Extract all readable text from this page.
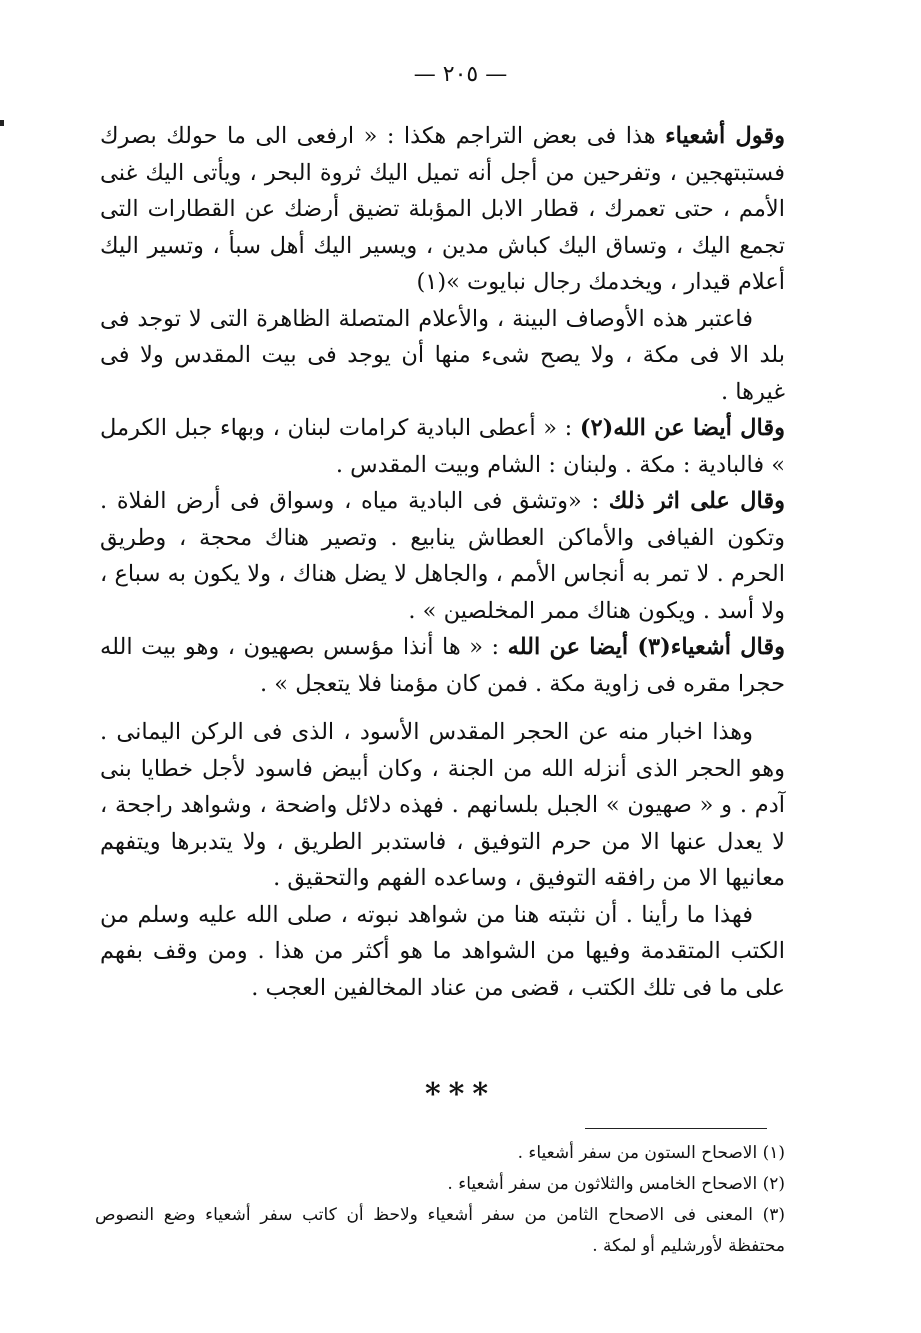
— ٢٠٥ —

وقول أشعياء هذا فى بعض التراجم هكذا : « ارفعى الى ما حولك بصرك فستبتهجين ، وتفرحين من أجل أنه تميل اليك ثروة البحر ، ويأتى اليك غنى الأمم ، حتى تعمرك ، قطار الابل المؤبلة تضيق أرضك عن القطارات التى تجمع اليك ، وتساق اليك كباش مدين ، ويسير اليك أهل سبأ ، وتسير اليك أعلام قيدار ، ويخدمك رجال نبايوت »(١)

فاعتبر هذه الأوصاف البينة ، والأعلام المتصلة الظاهرة التى لا توجد فى بلد الا فى مكة ، ولا يصح شىء منها أن يوجد فى بيت المقدس ولا فى غيرها .

وقال أيضا عن الله(٢) : « أعطى البادية كرامات لبنان ، وبهاء جبل الكرمل » فالبادية : مكة . ولبنان : الشام وبيت المقدس .

وقال على اثر ذلك : «وتشق فى البادية مياه ، وسواق فى أرض الفلاة . وتكون الفيافى والأماكن العطاش ينابيع . وتصير هناك محجة ، وطريق الحرم . لا تمر به أنجاس الأمم ، والجاهل لا يضل هناك ، ولا يكون به سباع ، ولا أسد . ويكون هناك ممر المخلصين » .

وقال أشعياء(٣) أيضا عن الله : « ها أنذا مؤسس بصهيون ، وهو بيت الله حجرا مقره فى زاوية مكة . فمن كان مؤمنا فلا يتعجل » .

وهذا اخبار منه عن الحجر المقدس الأسود ، الذى فى الركن اليمانى . وهو الحجر الذى أنزله الله من الجنة ، وكان أبيض فاسود لأجل خطايا بنى آدم . و « صهيون » الجبل بلسانهم . فهذه دلائل واضحة ، وشواهد راجحة ، لا يعدل عنها الا من حرم التوفيق ، فاستدبر الطريق ، ولا يتدبرها ويتفهم معانيها الا من رافقه التوفيق ، وساعده الفهم والتحقيق .

فهذا ما رأينا . أن نثبته هنا من شواهد نبوته ، صلى الله عليه وسلم من الكتب المتقدمة وفيها من الشواهد ما هو أكثر من هذا . ومن وقف بفهم على ما فى تلك الكتب ، قضى من عناد المخالفين العجب .

***

(١) الاصحاح الستون من سفر أشعياء .

(٢) الاصحاح الخامس والثلاثون من سفر أشعياء .

(٣) المعنى فى الاصحاح الثامن من سفر أشعياء ولاحظ أن كاتب سفر أشعياء وضع النصوص محتفظة لأورشليم أو لمكة .
